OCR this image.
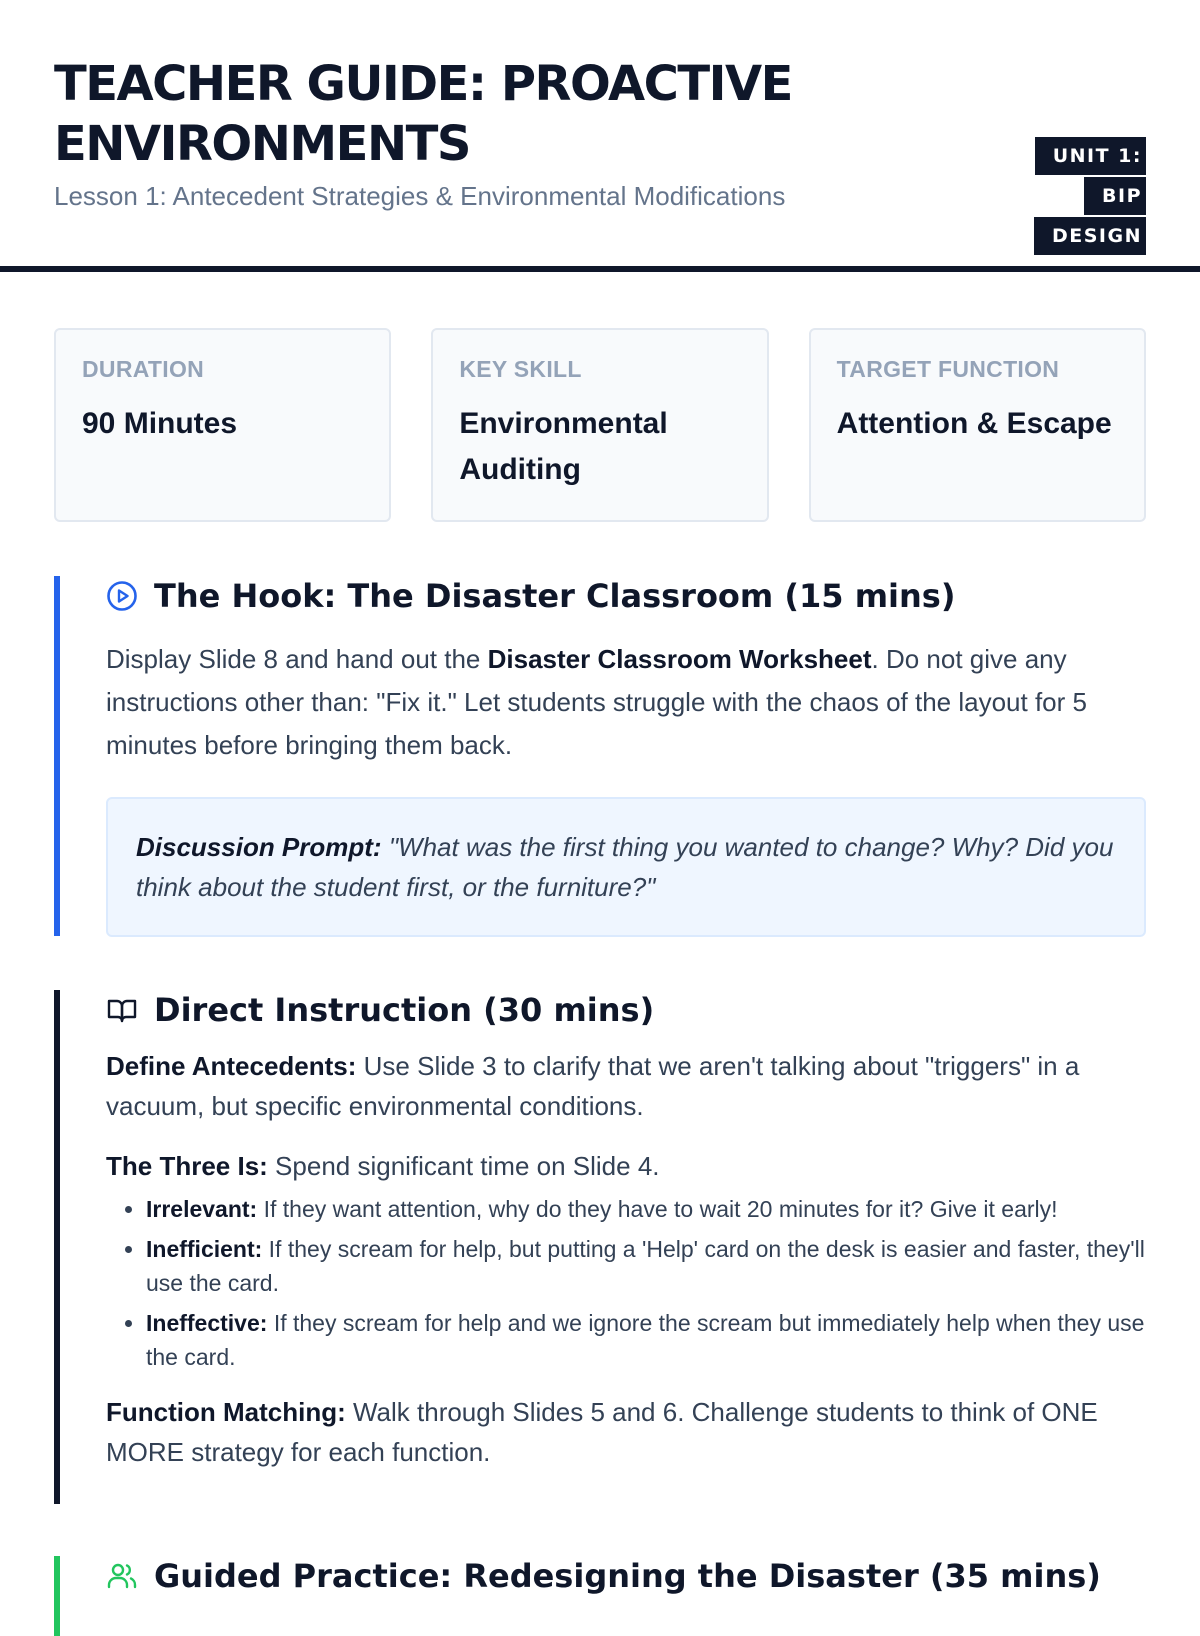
TEACHER GUIDE: PROACTIVE ENVIRONMENTS
Lesson 1: Antecedent Strategies & Environmental Modifications
UNIT 1: BIP DESIGN
DURATION
90 Minutes
KEY SKILL
Environmental Auditing
TARGET FUNCTION
Attention & Escape
The Hook: The Disaster Classroom (15 mins)

Display Slide 8 and hand out the Disaster Classroom Worksheet. Do not give any instructions other than: "Fix it." Let students struggle with the chaos of the layout for 5 minutes before bringing them back.

Discussion Prompt: "What was the first thing you wanted to change? Why? Did you think about the student first, or the furniture?"
Direct Instruction (30 mins)

Define Antecedents: Use Slide 3 to clarify that we aren't talking about "triggers" in a vacuum, but specific environmental conditions.

The Three Is: Spend significant time on Slide 4.

• Irrelevant: If they want attention, why do they have to wait 20 minutes for it? Give it early!
• Inefficient: If they scream for help, but putting a 'Help' card on the desk is easier and faster, they'll use the card.
• Ineffective: If they scream for help and we ignore the scream but immediately help when they use the card.

Function Matching: Walk through Slides 5 and 6. Challenge students to think of ONE MORE strategy for each function.

Guided Practice: Redesigning the Disaster (35 mins)
